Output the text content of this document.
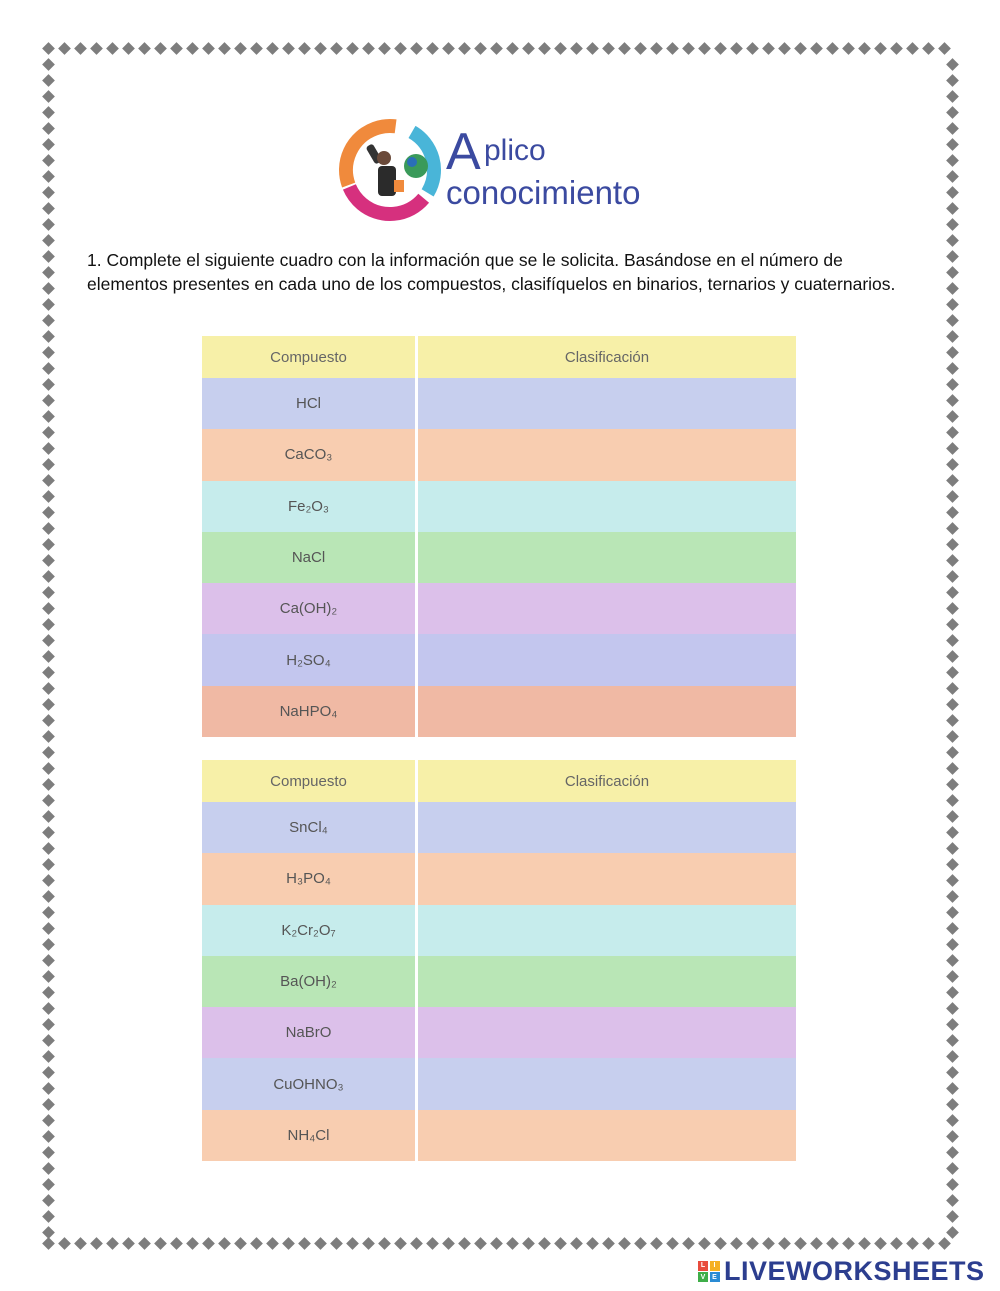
A plico
conocimiento
1. Complete el siguiente cuadro con la información que se le solicita. Basándose en el número de elementos presentes en cada uno de los compuestos, clasifíquelos en binarios, ternarios y cuaternarios.
Compuesto	Clasificación
HCl
CaCO₃
Fe₂O₃
NaCl
Ca(OH)₂
H₂SO₄
NaHPO₄
Compuesto	Clasificación
SnCl₄
H₃PO₄
K₂Cr₂O₇
Ba(OH)₂
NaBrO
CuOHNO₃
NH₄Cl
L	I
V E LIVEWORKSHEETS
